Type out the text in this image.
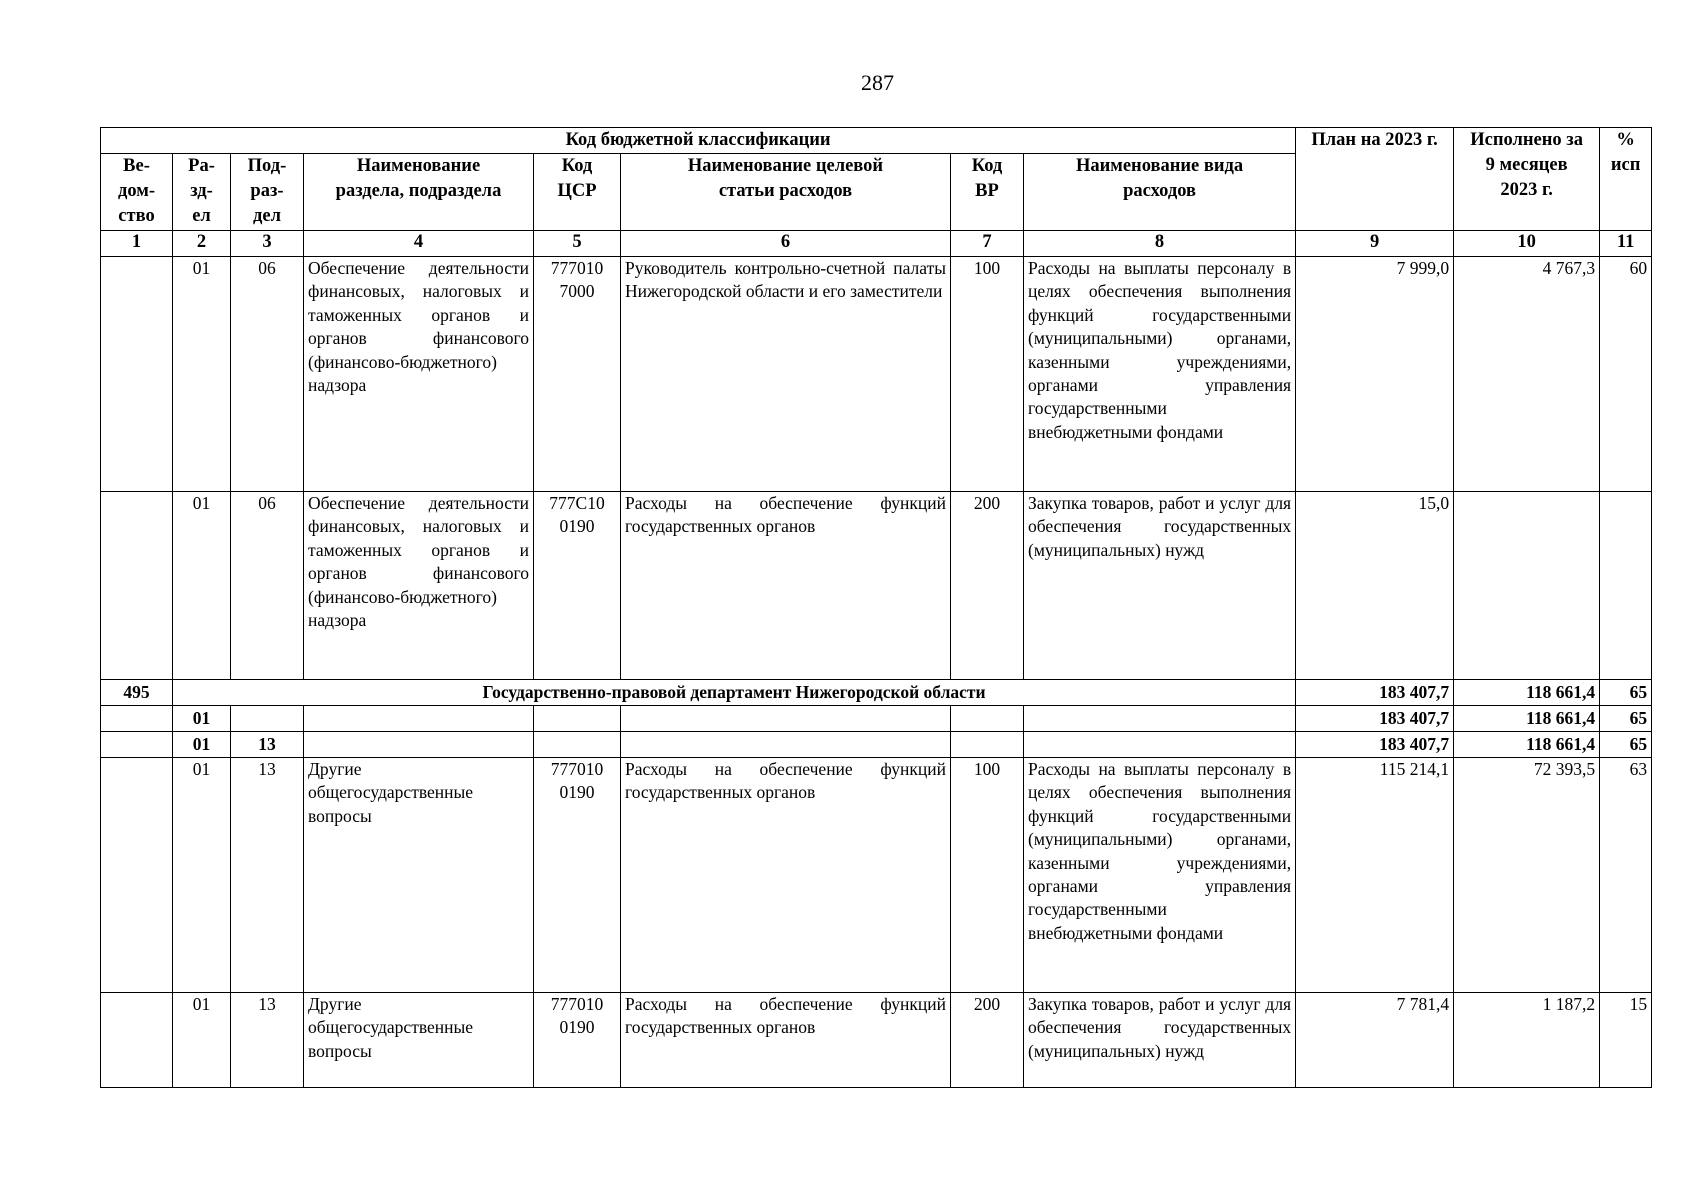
287
Код бюджетной классификации								План на 2023 г.	Исполнено за 9 месяцев 2023 г.	% исп
Ве-дом-ство	Ра-зд-ел	Под-раз-дел	Наименование раздела, подраздела	Код ЦСР	Наименование целевой статьи расходов	Код ВР	Наименование вида расходов			
1	2	3	4	5	6	7	8	9	10	11
	01	06	Обеспечение деятельности финансовых, налоговых и таможенных органов и органов финансового (финансово-бюджетного) надзора	777010 7000	Руководитель контрольно-счетной палаты Нижегородской области и его заместители	100	Расходы на выплаты персоналу в целях обеспечения выполнения функций государственными (муниципальными) органами, казенными учреждениями, органами управления государственными внебюджетными фондами	7 999,0	4 767,3	60
	01	06	Обеспечение деятельности финансовых, налоговых и таможенных органов и органов финансового (финансово-бюджетного) надзора	777С10 0190	Расходы на обеспечение функций государственных органов	200	Закупка товаров, работ и услуг для обеспечения государственных (муниципальных) нужд	15,0		
495	Государственно-правовой департамент Нижегородской области							183 407,7	118 661,4	65
	01							183 407,7	118 661,4	65
	01	13						183 407,7	118 661,4	65
	01	13	Другие общегосударственные вопросы	777010 0190	Расходы на обеспечение функций государственных органов	100	Расходы на выплаты персоналу в целях обеспечения выполнения функций государственными (муниципальными) органами, казенными учреждениями, органами управления государственными внебюджетными фондами	115 214,1	72 393,5	63
	01	13	Другие общегосударственные вопросы	777010 0190	Расходы на обеспечение функций государственных органов	200	Закупка товаров, работ и услуг для обеспечения государственных (муниципальных) нужд	7 781,4	1 187,2	15
